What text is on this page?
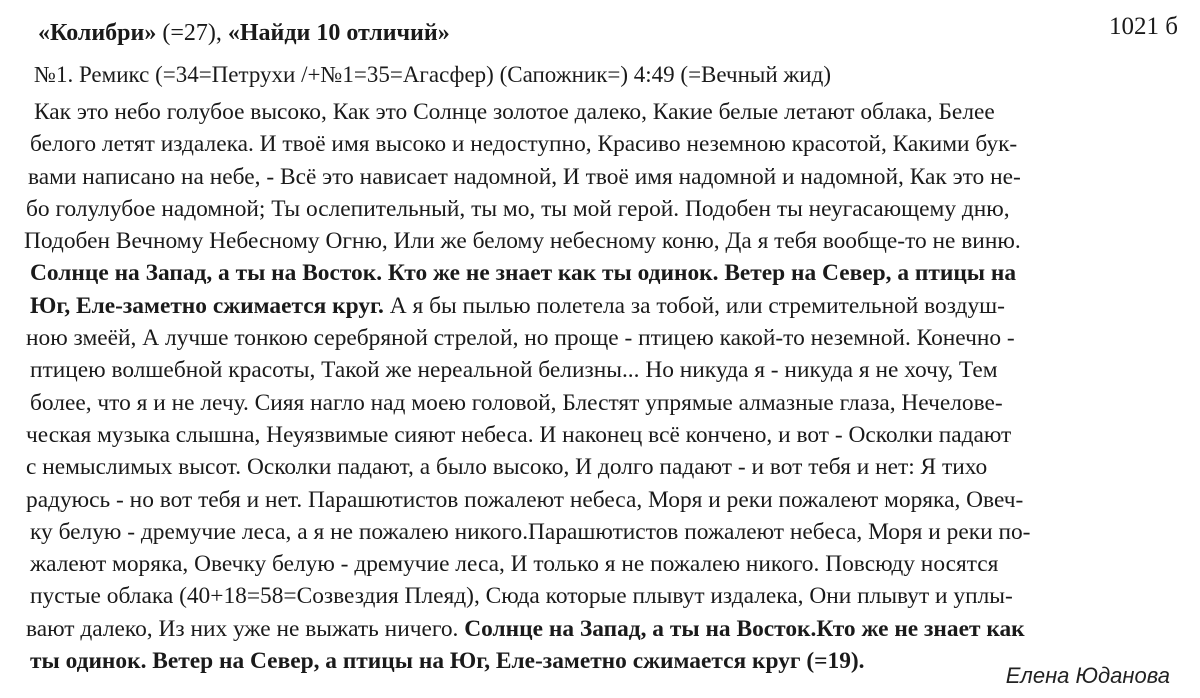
«Колибри» (=27), «Найди 10 отличий»	1021 б
№1. Ремикс (=34=Петрухи /+№1=35=Агасфер) (Сапожник=) 4:49 (=Вечный жид)
Как это небо голубое высоко, Как это Солнце золотое далеко, Какие белые летают облака, Белее
белого летят издалека. И твоё имя высоко и недоступно, Красиво неземною красотой, Какими бук-
вами написано на небе, - Всё это нависает надомной, И твоё имя надомной и надомной, Как это не-
бо голулубое надомной; Ты ослепительный, ты мо, ты мой герой. Подобен ты неугасающему дню,
Подобен Вечному Небесному Огню, Или же белому небесному коню, Да я тебя вообще-то не виню.
Солнце на Запад, а ты на Восток. Кто же не знает как ты одинок. Ветер на Север, а птицы на
Юг, Еле-заметно сжимается круг. А я бы пылью полетела за тобой, или стремительной воздуш-
ною змеёй, А лучше тонкою серебряной стрелой, но проще - птицею какой-то неземной. Конечно -
птицею волшебной красоты, Такой же нереальной белизны... Но никуда я - никуда я не хочу, Тем
более, что я и не лечу. Сияя нагло над моею головой, Блестят упрямые алмазные глаза, Нечелове-
ческая музыка слышна, Неуязвимые сияют небеса. И наконец всё кончено, и вот - Осколки падают
с немыслимых высот. Осколки падают, а было высоко, И долго падают - и вот тебя и нет: Я тихо
радуюсь - но вот тебя и нет. Парашютистов пожалеют небеса, Моря и реки пожалеют моряка, Овеч-
ку белую - дремучие леса, а я не пожалею никого.Парашютистов пожалеют небеса, Моря и реки по-
жалеют моряка, Овечку белую - дремучие леса, И только я не пожалею никого. Повсюду носятся
пустые облака (40+18=58=Созвездия Плеяд), Сюда которые плывут издалека, Они плывут и уплы-
вают далеко, Из них уже не выжать ничего. Солнце на Запад, а ты на Восток.Кто же не знает как
ты одинок. Ветер на Север, а птицы на Юг, Еле-заметно сжимается круг (=19).
Елена Юданова
